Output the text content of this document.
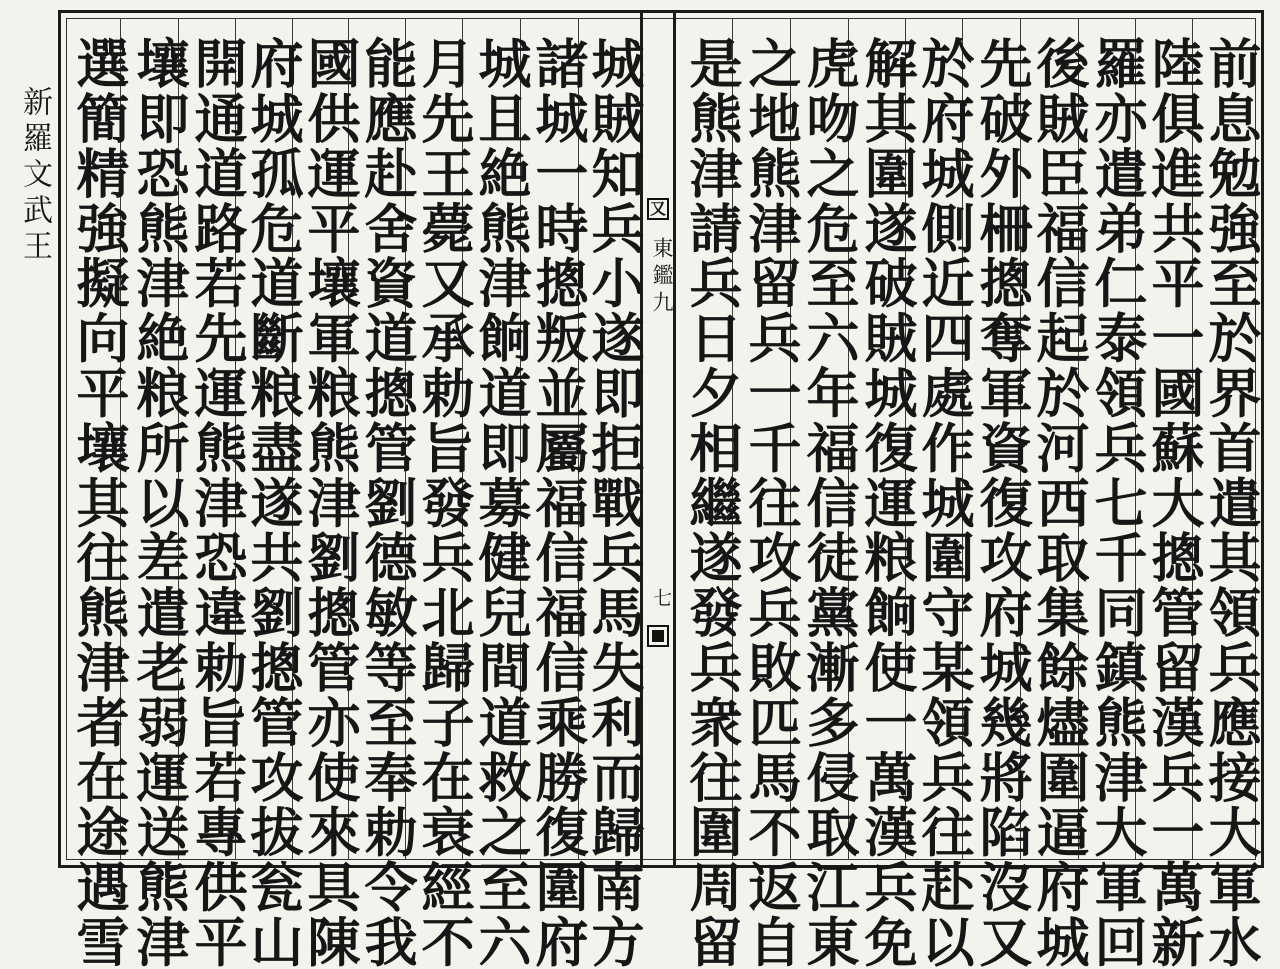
又
東鑑九
七
新羅文武王	前息勉強至於界首遣其領兵應接大軍水
陸俱進共平一國蘇大摠管留漢兵一萬新
羅亦遣弟仁泰領兵七千同鎮熊津大軍回
後賊臣福信起於河西取集餘燼圍逼府城
先破外柵摠奪軍資復攻府城幾將陷沒又
於府城側近四處作城圍守某領兵往赴以
解其圍遂破賊城復運粮餉使一萬漢兵免
虎吻之危至六年福信徒黨漸多侵取江東
之地熊津留兵一千往攻兵敗匹馬不返自
是熊津請兵日夕相繼遂發兵衆往圍周留
城賊知兵小遂即拒戰兵馬失利而歸南方
諸城一時摠叛並屬福信福信乘勝復圍府
城且絶熊津餉道即募健兒間道救之至六
月先王薨又承勅旨發兵北歸子在衰經不
能應赴舍資道摠管劉德敏等至奉勅令我
國供運平壤軍粮熊津劉摠管亦使來具陳
府城孤危道斷粮盡遂共劉摠管攻拔瓮山
開通道路若先運熊津恐違勅旨若專供平
壤即恐熊津絶粮所以差遣老弱運送熊津
選簡精強擬向平壤其往熊津者在途遇雪
